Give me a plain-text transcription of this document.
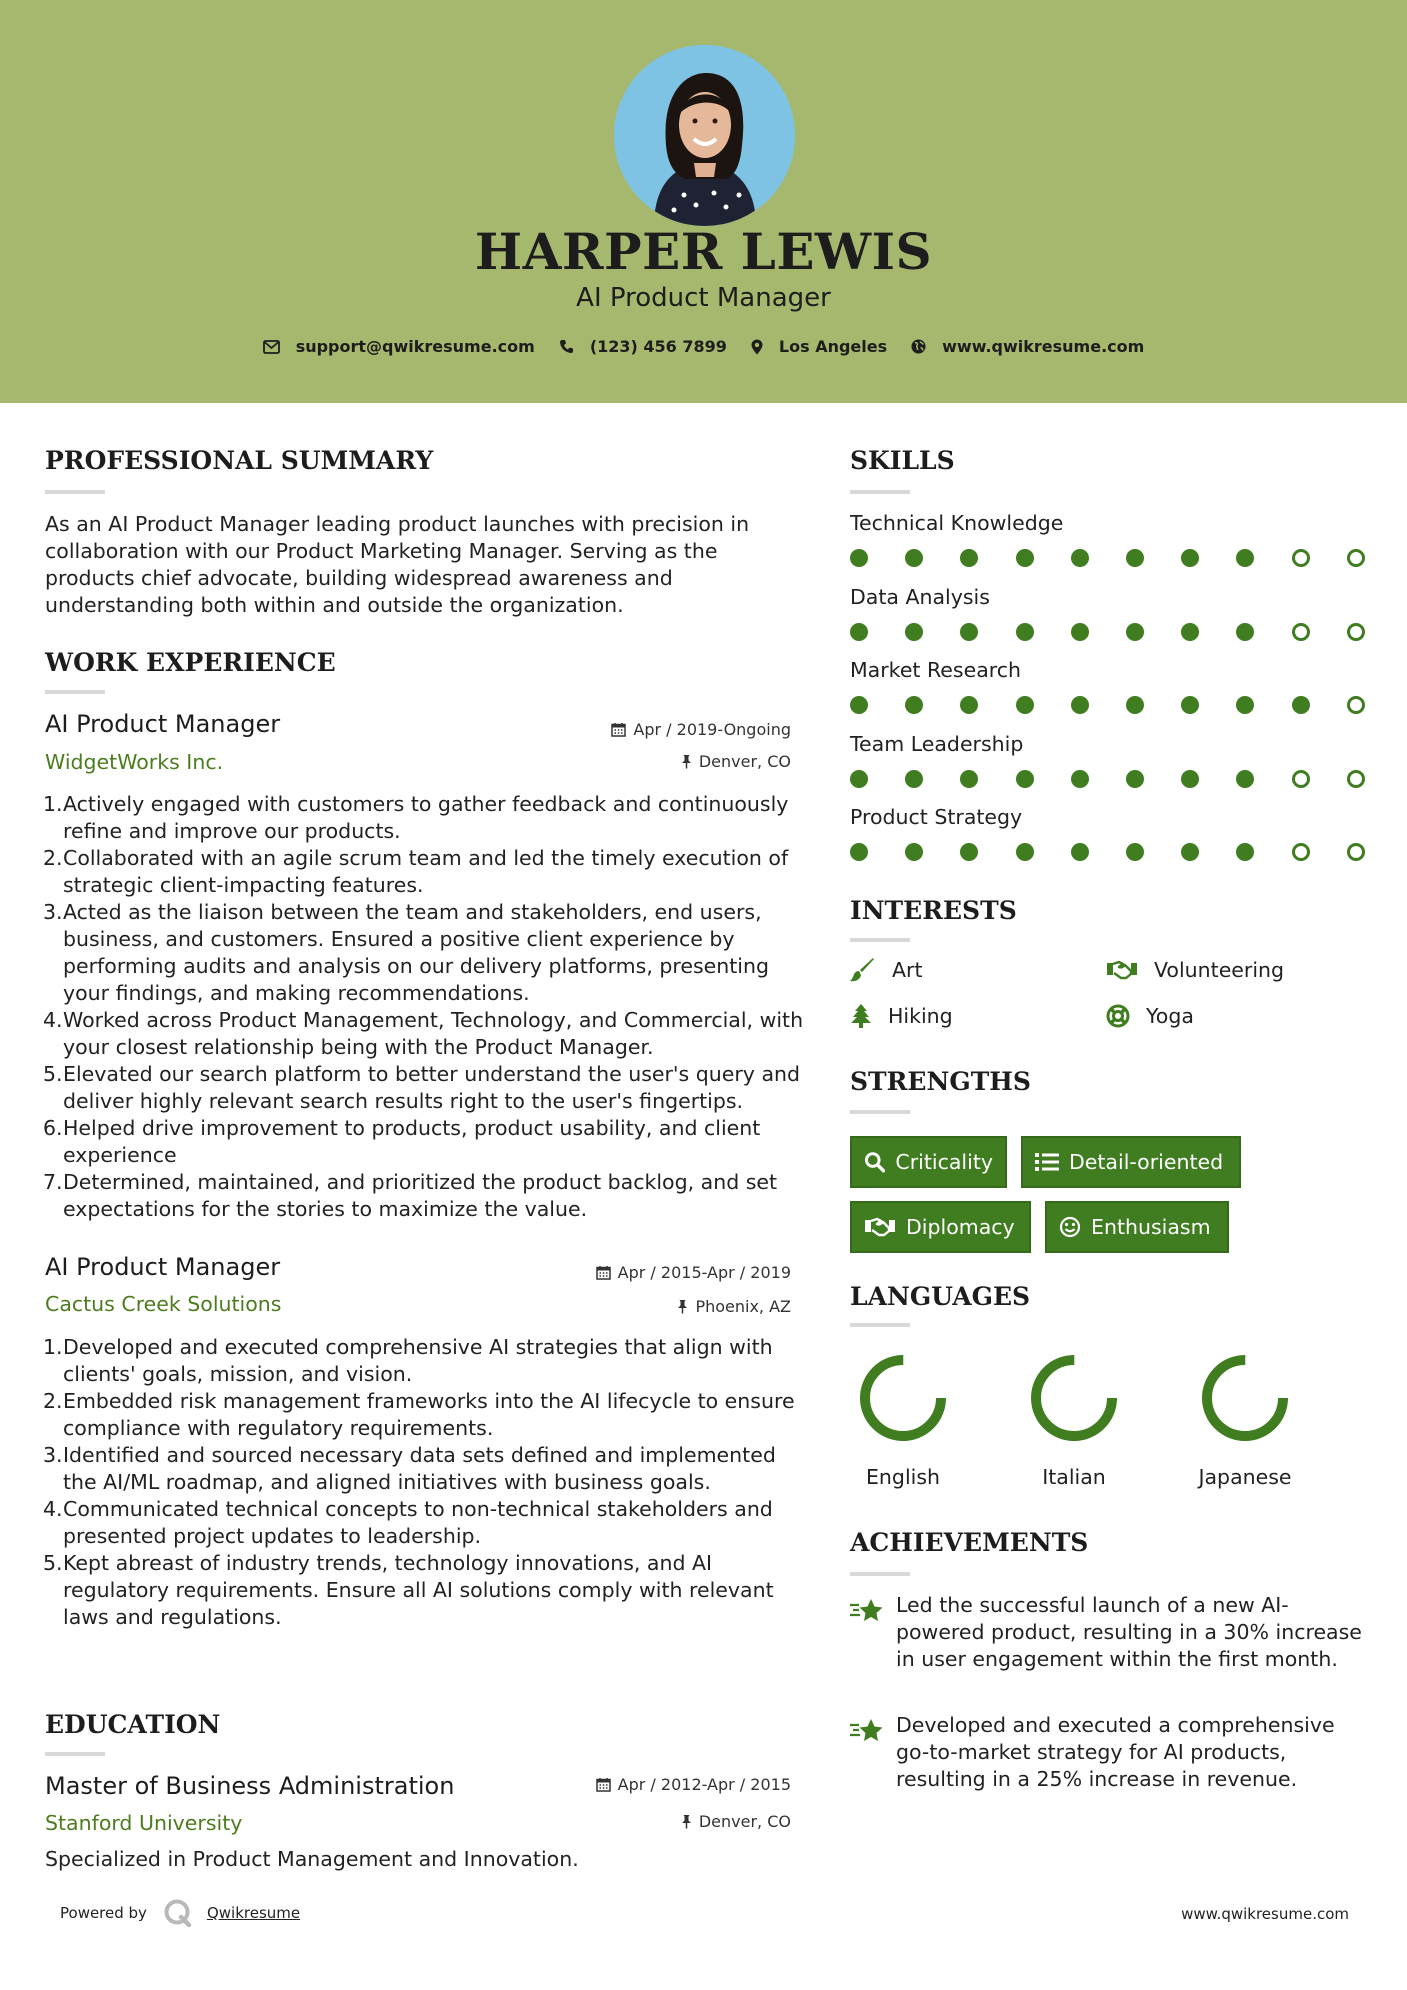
HARPER LEWIS
AI Product Manager
support@qwikresume.com	(123) 456 7899	Los Angeles	www.qwikresume.com
PROFESSIONAL SUMMARY
As an AI Product Manager leading product launches with precision in collaboration with our Product Marketing Manager. Serving as the products chief advocate, building widespread awareness and understanding both within and outside the organization.
WORK EXPERIENCE
AI Product Manager
WidgetWorks Inc.
Apr / 2019-Ongoing
Denver, CO
1. Actively engaged with customers to gather feedback and continuously refine and improve our products.
2. Collaborated with an agile scrum team and led the timely execution of strategic client-impacting features.
3. Acted as the liaison between the team and stakeholders, end users, business, and customers. Ensured a positive client experience by performing audits and analysis on our delivery platforms, presenting your findings, and making recommendations.
4. Worked across Product Management, Technology, and Commercial, with your closest relationship being with the Product Manager.
5. Elevated our search platform to better understand the user's query and deliver highly relevant search results right to the user's fingertips.
6. Helped drive improvement to products, product usability, and client experience
7. Determined, maintained, and prioritized the product backlog, and set expectations for the stories to maximize the value.
AI Product Manager
Cactus Creek Solutions
Apr / 2015-Apr / 2019
Phoenix, AZ
1. Developed and executed comprehensive AI strategies that align with clients' goals, mission, and vision.
2. Embedded risk management frameworks into the AI lifecycle to ensure compliance with regulatory requirements.
3. Identified and sourced necessary data sets defined and implemented the AI/ML roadmap, and aligned initiatives with business goals.
4. Communicated technical concepts to non-technical stakeholders and presented project updates to leadership.
5. Kept abreast of industry trends, technology innovations, and AI regulatory requirements. Ensure all AI solutions comply with relevant laws and regulations.
EDUCATION
Master of Business Administration
Stanford University
Apr / 2012-Apr / 2015
Denver, CO
Specialized in Product Management and Innovation.
SKILLS
Technical Knowledge
Data Analysis
Market Research
Team Leadership
Product Strategy
INTERESTS
Art	Volunteering
Hiking	Yoga
STRENGTHS
Criticality	Detail-oriented
Diplomacy	Enthusiasm
LANGUAGES
English	Italian	Japanese
ACHIEVEMENTS
Led the successful launch of a new AI-powered product, resulting in a 30% increase in user engagement within the first month.
Developed and executed a comprehensive go-to-market strategy for AI products, resulting in a 25% increase in revenue.
Powered by	Qwikresume	www.qwikresume.com
